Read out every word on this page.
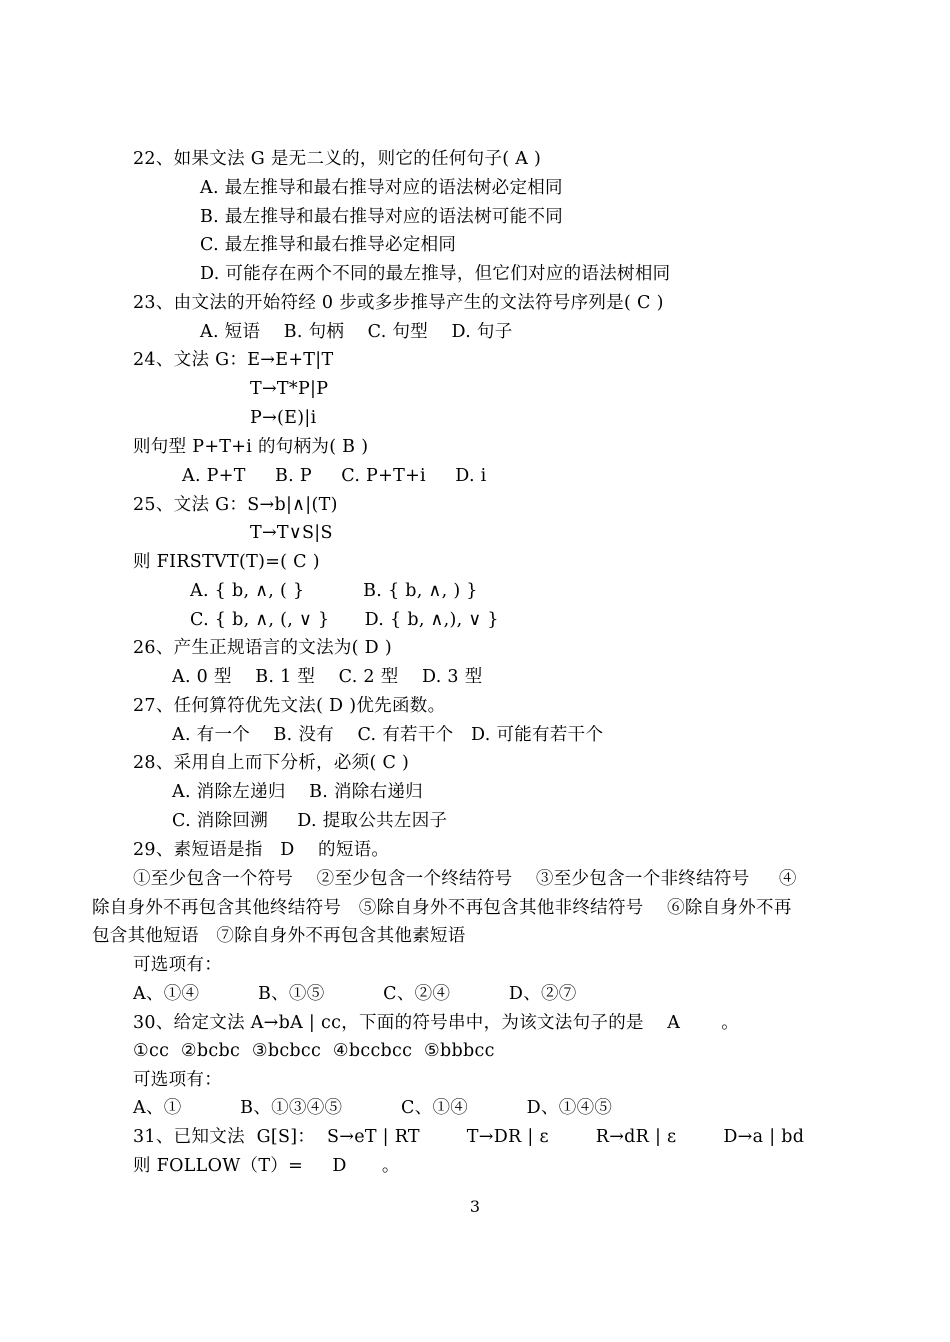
22、如果文法 G 是无二义的，则它的任何句子( A )
A. 最左推导和最右推导对应的语法树必定相同
B. 最左推导和最右推导对应的语法树可能不同
C. 最左推导和最右推导必定相同
D. 可能存在两个不同的最左推导，但它们对应的语法树相同
23、由文法的开始符经 0 步或多步推导产生的文法符号序列是( C )
A. 短语    B. 句柄    C. 句型    D. 句子
24、文法 G：E→E+T|T
T→T*P|P
P→(E)|i
则句型 P+T+i 的句柄为( B )
A. P+T     B. P     C. P+T+i     D. i
25、文法 G：S→b|∧|(T)
T→T∨S|S
则 FIRSTVT(T)=( C )
A. { b, ∧, ( }          B. { b, ∧, ) }
C. { b, ∧, (, ∨ }      D. { b, ∧,), ∨ }
26、产生正规语言的文法为( D )
A. 0 型    B. 1 型    C. 2 型    D. 3 型
27、任何算符优先文法( D )优先函数。
A. 有一个    B. 没有    C. 有若干个   D. 可能有若干个
28、采用自上而下分析，必须( C )
A. 消除左递归    B. 消除右递归
C. 消除回溯     D. 提取公共左因子
29、素短语是指   D    的短语。
①至少包含一个符号    ②至少包含一个终结符号    ③至少包含一个非终结符号     ④
除自身外不再包含其他终结符号   ⑤除自身外不再包含其他非终结符号    ⑥除自身外不再
包含其他短语   ⑦除自身外不再包含其他素短语
可选项有：
A、①④          B、①⑤          C、②④          D、②⑦
30、给定文法 A→bA | cc，下面的符号串中，为该文法句子的是    A       。
①cc  ②bcbc  ③bcbcc  ④bccbcc  ⑤bbbcc
可选项有：
A、①          B、①③④⑤          C、①④          D、①④⑤
31、已知文法  G[S]：  S→eT | RT        T→DR | ε        R→dR | ε        D→a | bd
则 FOLLOW（T）=     D      。
3
